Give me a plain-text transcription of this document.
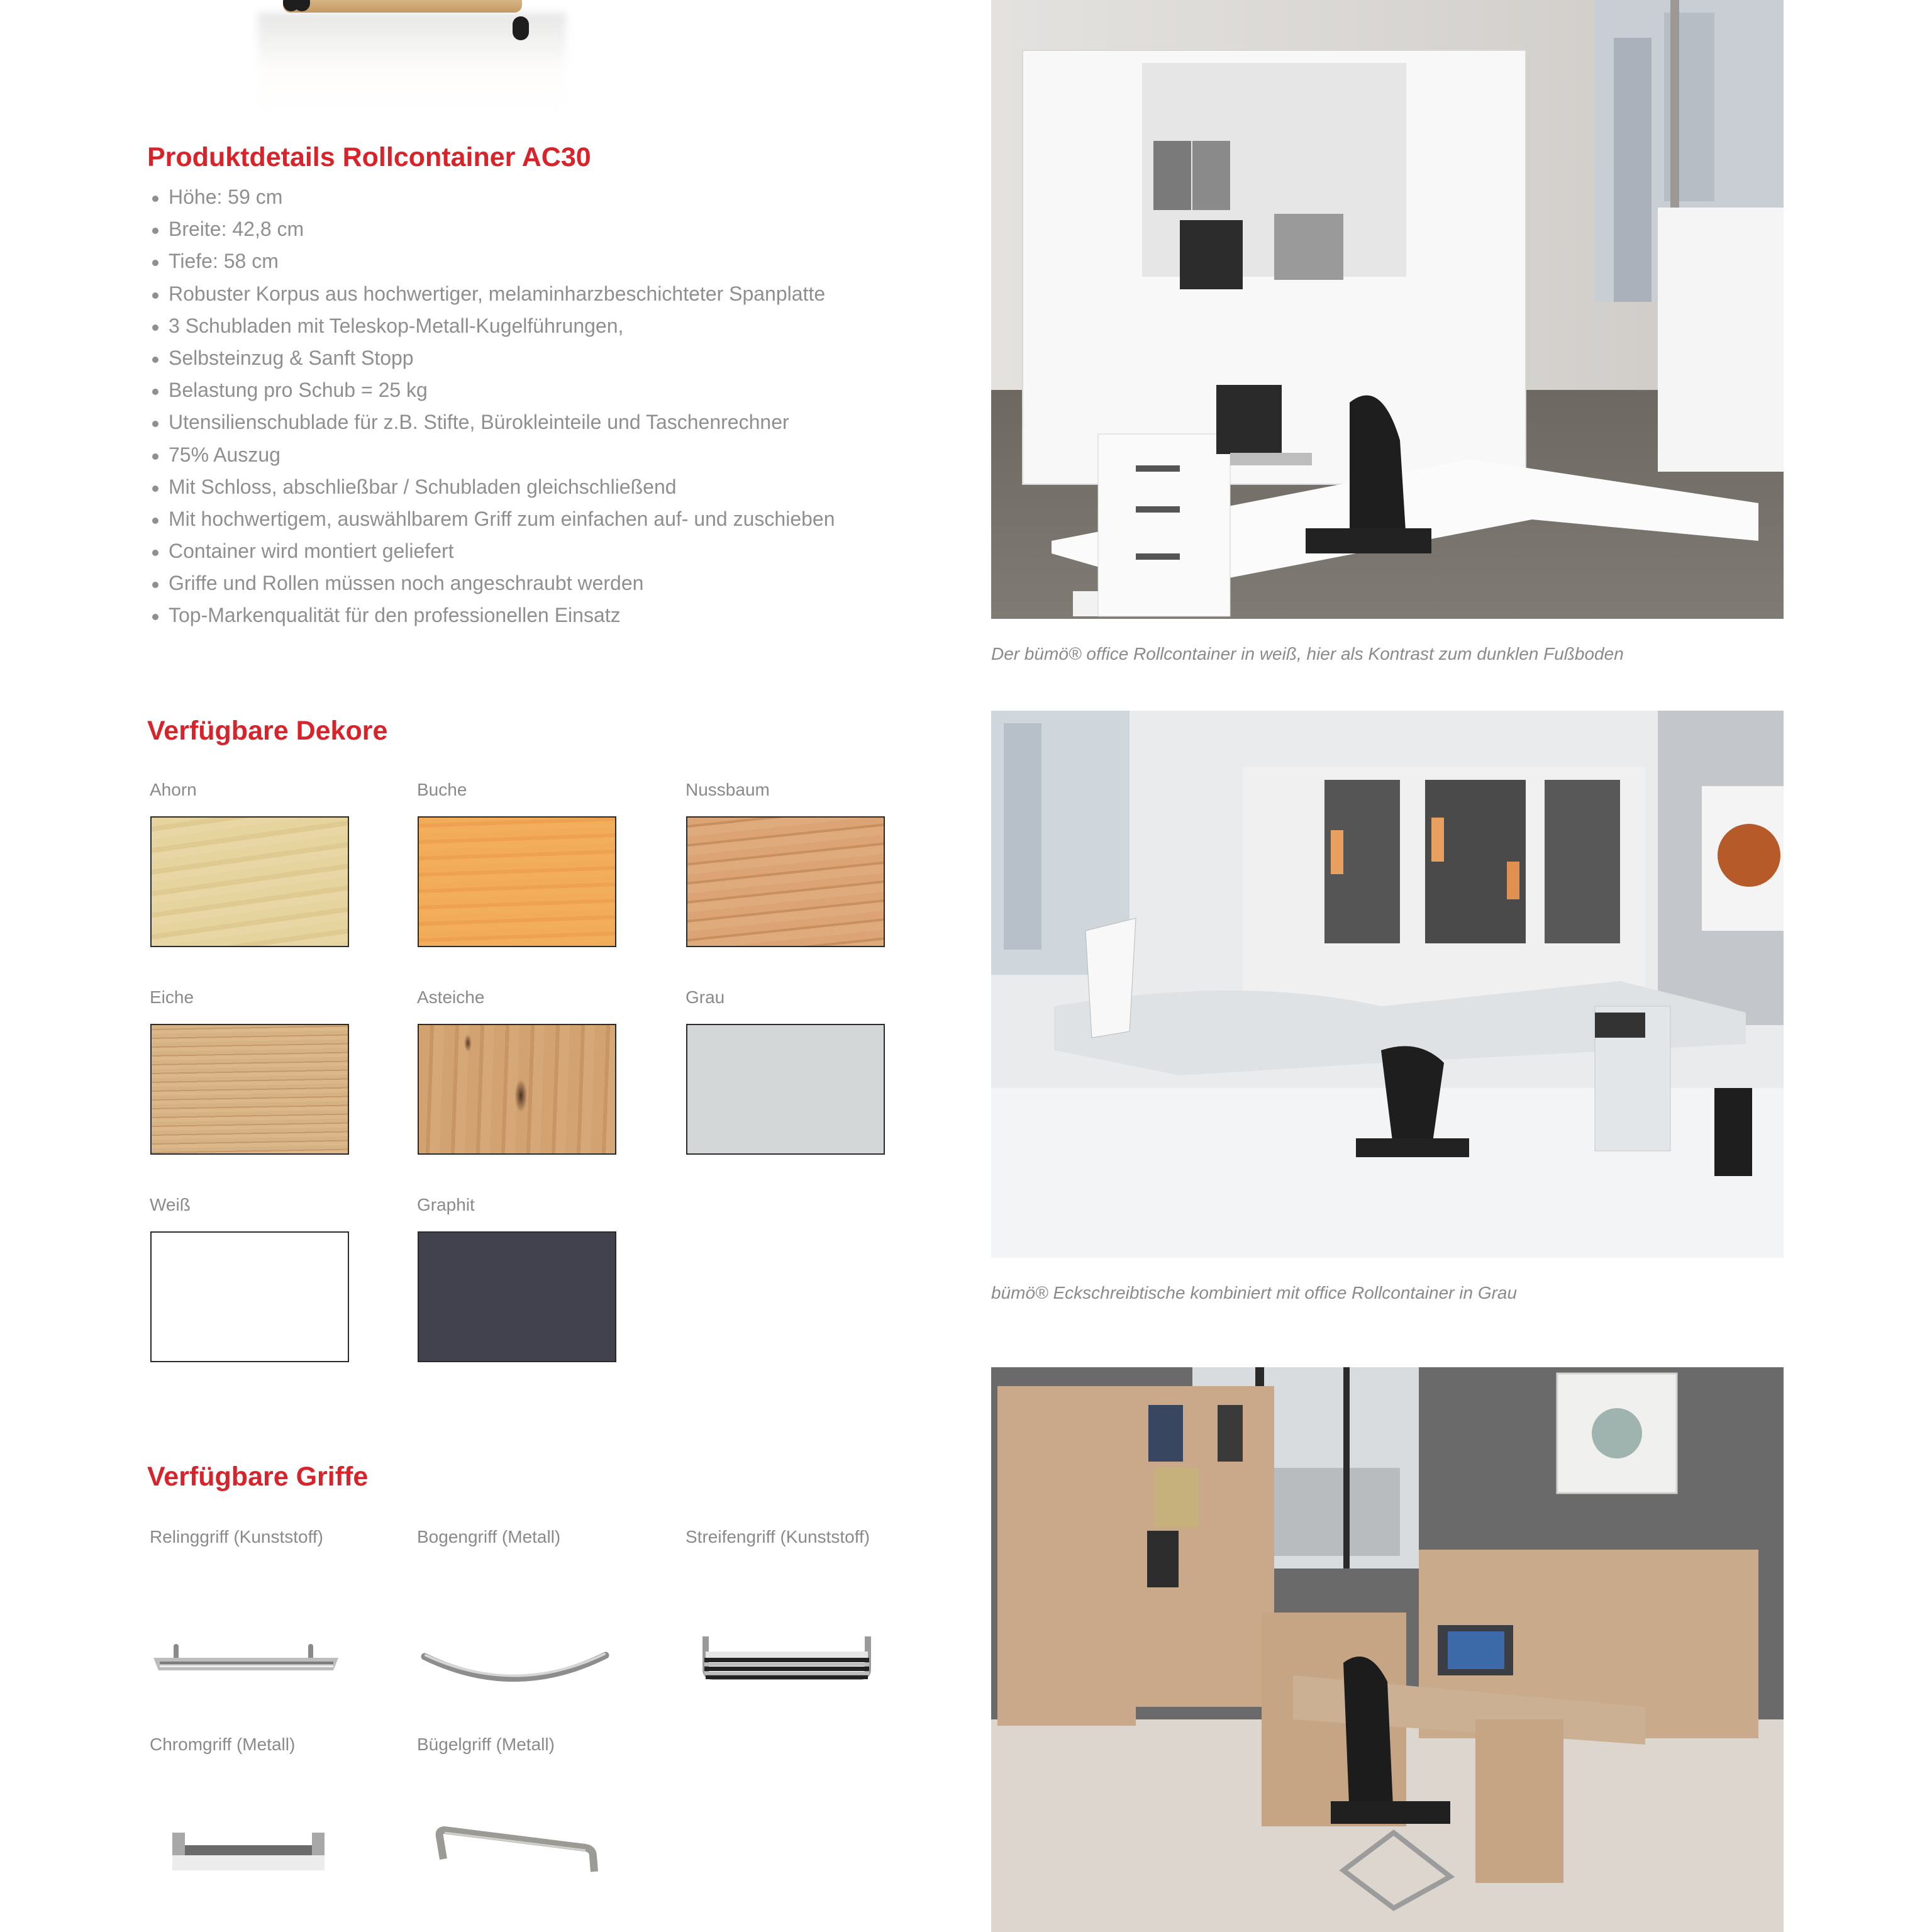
Produktdetails Rollcontainer AC30
Höhe: 59 cm
Breite: 42,8 cm
Tiefe: 58 cm
Robuster Korpus aus hochwertiger, melaminharzbeschichteter Spanplatte
3 Schubladen mit Teleskop-Metall-Kugelführungen,
Selbsteinzug & Sanft Stopp
Belastung pro Schub = 25 kg
Utensilienschublade für z.B. Stifte, Bürokleinteile und Taschenrechner
75% Auszug
Mit Schloss, abschließbar / Schubladen gleichschließend
Mit hochwertigem, auswählbarem Griff zum einfachen auf- und zuschieben
Container wird montiert geliefert
Griffe und Rollen müssen noch angeschraubt werden
Top-Markenqualität für den professionellen Einsatz
Verfügbare Dekore
Ahorn	Buche	Nussbaum
Eiche	Asteiche	Grau
Weiß	Graphit
Verfügbare Griffe
Relinggriff (Kunststoff)	Bogengriff (Metall)	Streifengriff (Kunststoff)
Chromgriff (Metall)	Bügelgriff (Metall)
Der bümö® office Rollcontainer in weiß, hier als Kontrast zum dunklen Fußboden
bümö® Eckschreibtische kombiniert mit office Rollcontainer in Grau
